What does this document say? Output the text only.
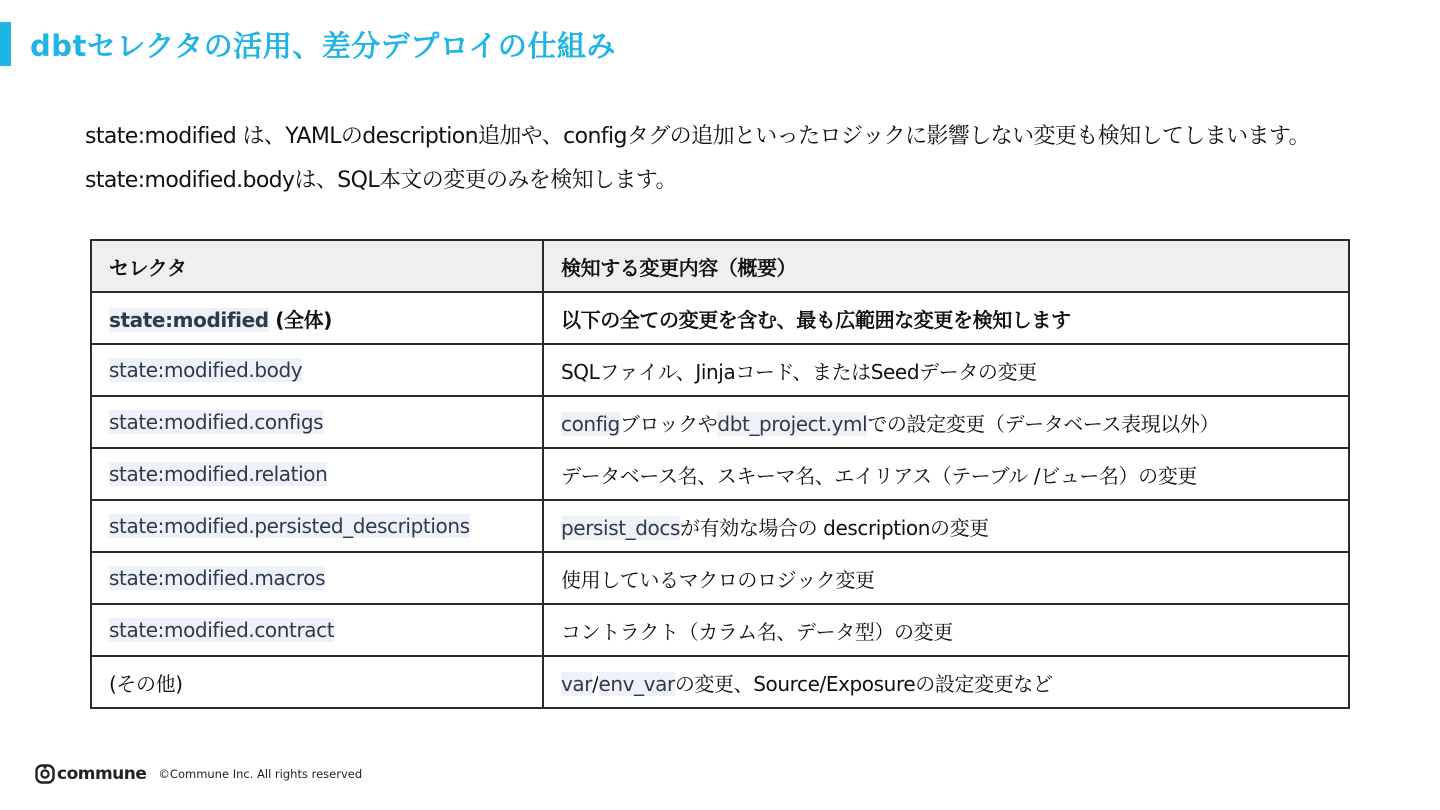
dbtセレクタの活用、差分デプロイの仕組み

state:modified は、YAMLのdescription追加や、configタグの追加といったロジックに影響しない変更も検知してしまいます。

state:modified.bodyは、SQL本文の変更のみを検知します。

セレクタ	検知する変更内容（概要）
state:modified (全体)	以下の全ての変更を含む、最も広範囲な変更を検知します
state:modified.body	SQLファイル、Jinjaコード、またはSeedデータの変更
state:modified.configs	configブロックやdbt_project.ymlでの設定変更（データベース表現以外）
state:modified.relation	データベース名、スキーマ名、エイリアス（テーブル /ビュー名）の変更
state:modified.persisted_descriptions	persist_docsが有効な場合の descriptionの変更
state:modified.macros	使用しているマクロのロジック変更
state:modified.contract	コントラクト（カラム名、データ型）の変更
(その他)	var/env_varの変更、Source/Exposureの設定変更など
commune ©Commune Inc. All rights reserved
